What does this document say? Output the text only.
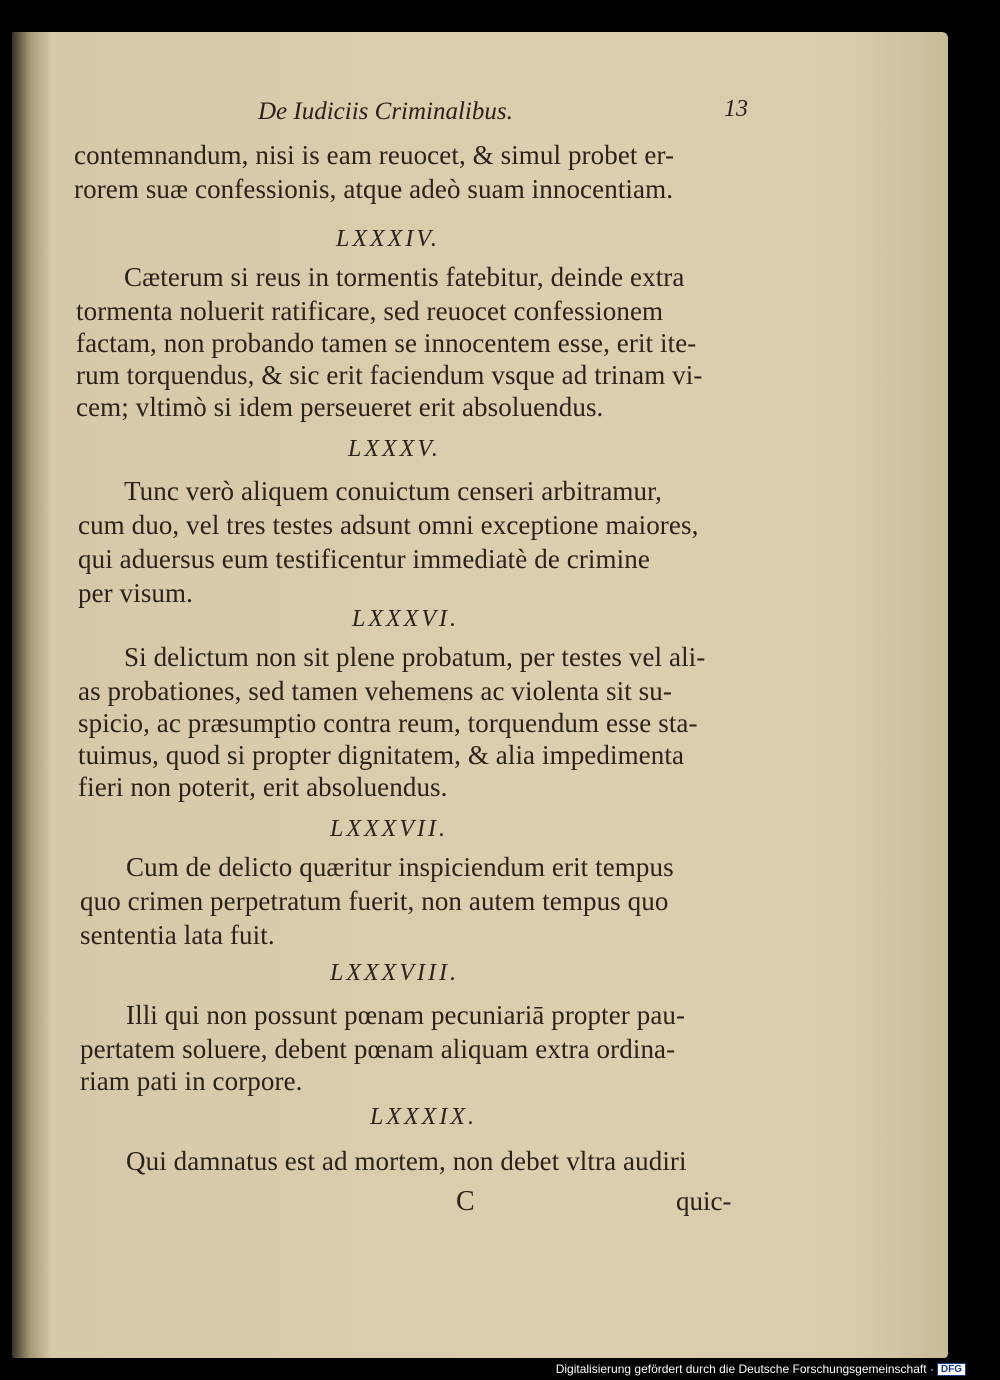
De Iudiciis Criminalibus.	13
contemnandum, nisi is eam reuocet, & simul probet er-
rorem suæ confessionis, atque adeò suam innocentiam.
LXXXIV.
Cæterum si reus in tormentis fatebitur, deinde extra
tormenta noluerit ratificare, sed reuocet confessionem
factam, non probando tamen se innocentem esse, erit ite-
rum torquendus, & sic erit faciendum vsque ad trinam vi-
cem; vltimò si idem perseueret erit absoluendus.
LXXXV.
Tunc verò aliquem conuictum censeri arbitramur,
cum duo, vel tres testes adsunt omni exceptione maiores,
qui aduersus eum testificentur immediatè de crimine
per visum.
LXXXVI.
Si delictum non sit plene probatum, per testes vel ali-
as probationes, sed tamen vehemens ac violenta sit su-
spicio, ac præsumptio contra reum, torquendum esse sta-
tuimus, quod si propter dignitatem, & alia impedimenta
fieri non poterit, erit absoluendus.
LXXXVII.
Cum de delicto quæritur inspiciendum erit tempus
quo crimen perpetratum fuerit, non autem tempus quo
sententia lata fuit.
LXXXVIII.
Illi qui non possunt pœnam pecuniariā propter pau-
pertatem soluere, debent pœnam aliquam extra ordina-
riam pati in corpore.
LXXXIX.
Qui damnatus est ad mortem, non debet vltra audiri
C	quic-
Digitalisierung gefördert durch die Deutsche Forschungsgemeinschaft · DFG
